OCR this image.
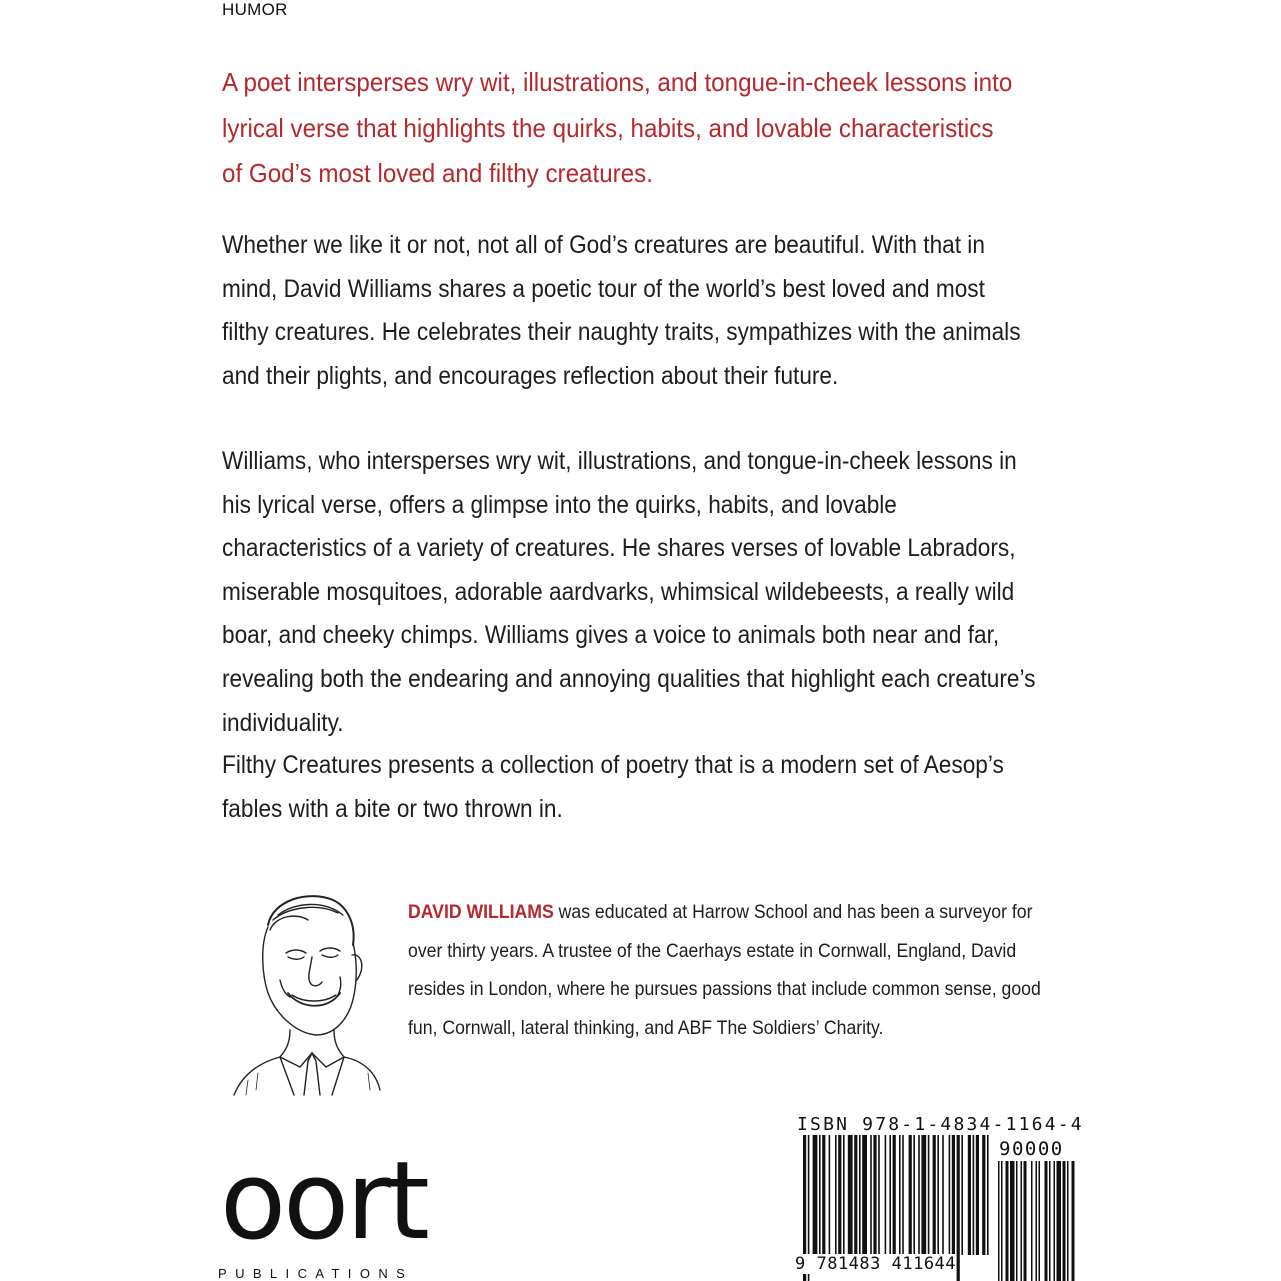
HUMOR
A poet intersperses wry wit, illustrations, and tongue-in-cheek lessons into lyrical verse that highlights the quirks, habits, and lovable characteristics of God’s most loved and filthy creatures.

Whether we like it or not, not all of God’s creatures are beautiful. With that in mind, David Williams shares a poetic tour of the world’s best loved and most filthy creatures. He celebrates their naughty traits, sympathizes with the animals and their plights, and encourages reflection about their future.

Williams, who intersperses wry wit, illustrations, and tongue-in-cheek lessons in his lyrical verse, offers a glimpse into the quirks, habits, and lovable characteristics of a variety of creatures. He shares verses of lovable Labradors, miserable mosquitoes, adorable aardvarks, whimsical wildebeests, a really wild boar, and cheeky chimps. Williams gives a voice to animals both near and far, revealing both the endearing and annoying qualities that highlight each creature’s individuality.

Filthy Creatures presents a collection of poetry that is a modern set of Aesop’s fables with a bite or two thrown in.

DAVID WILLIAMS was educated at Harrow School and has been a surveyor for over thirty years. A trustee of the Caerhays estate in Cornwall, England, David resides in London, where he pursues passions that include common sense, good fun, Cornwall, lateral thinking, and ABF The Soldiers’ Charity.
oort
PUBLICATIONS
ISBN 978-1-4834-1164-4
90000
9 781483 411644
